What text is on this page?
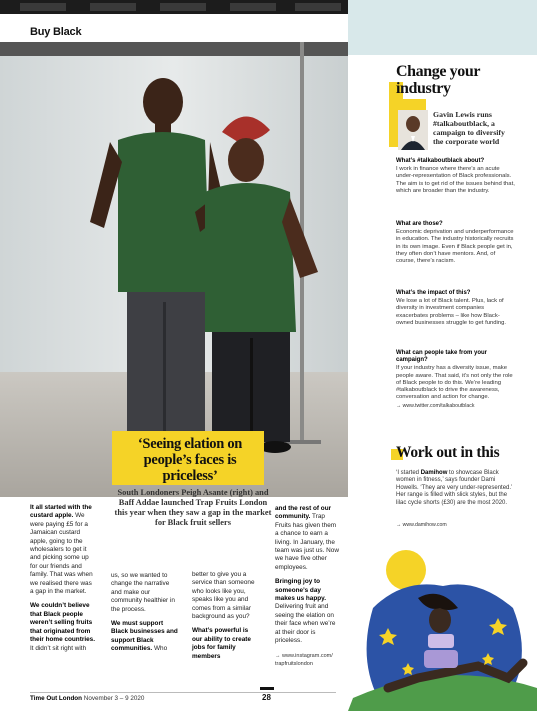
Buy Black
‘Seeing elation on people’s faces is priceless’
South Londoners Peigh Asante (right) and Baff Addae launched Trap Fruits London this year when they saw a gap in the market for Black fruit sellers

It all started with the custard apple. We were paying £5 for a Jamaican custard apple, going to the wholesalers to get it and picking some up for our friends and family. That was when we realised there was a gap in the market.

We couldn’t believe that Black people weren’t selling fruits that originated from their home countries. It didn’t sit right with

us, so we wanted to change the narrative and make our community healthier in the process.

We must support Black businesses and support Black communities. Who

better to give you a service than someone who looks like you, speaks like you and comes from a similar background as you?

What’s powerful is our ability to create jobs for family members

and the rest of our community. Trap Fruits has given them a chance to earn a living. In January, the team was just us. Now we have five other employees.

Bringing joy to someone’s day makes us happy. Delivering fruit and seeing the elation on their face when we’re at their door is priceless.

→ www.instagram.com/ trapfruitslondon
Time Out London November 3 – 9 2020	28
Change your industry
Gavin Lewis runs #talkaboutblack, a campaign to diversify the corporate world
What’s #talkaboutblack about?

I work in finance where there’s an acute under-representation of Black professionals. The aim is to get rid of the issues behind that, which are broader than the industry.

What are those?

Economic deprivation and underperformance in education. The industry historically recruits in its own image. Even if Black people get in, they often don’t have mentors. And, of course, there’s racism.

What’s the impact of this?

We lose a lot of Black talent. Plus, lack of diversity in investment companies exacerbates problems – like how Black-owned businesses struggle to get funding.

What can people take from your campaign?

If your industry has a diversity issue, make people aware. That said, it’s not only the role of Black people to do this. We’re leading #talkaboutblack to drive the awareness, conversation and action for change.

→ www.twitter.com/talkaboutblack
Work out in this
‘I started Damihow to showcase Black women in fitness,’ says founder Dami Howells. ‘They are very under-represented.’ Her range is filled with slick styles, but the lilac cycle shorts (£30) are the most 2020.
→ www.damihow.com
